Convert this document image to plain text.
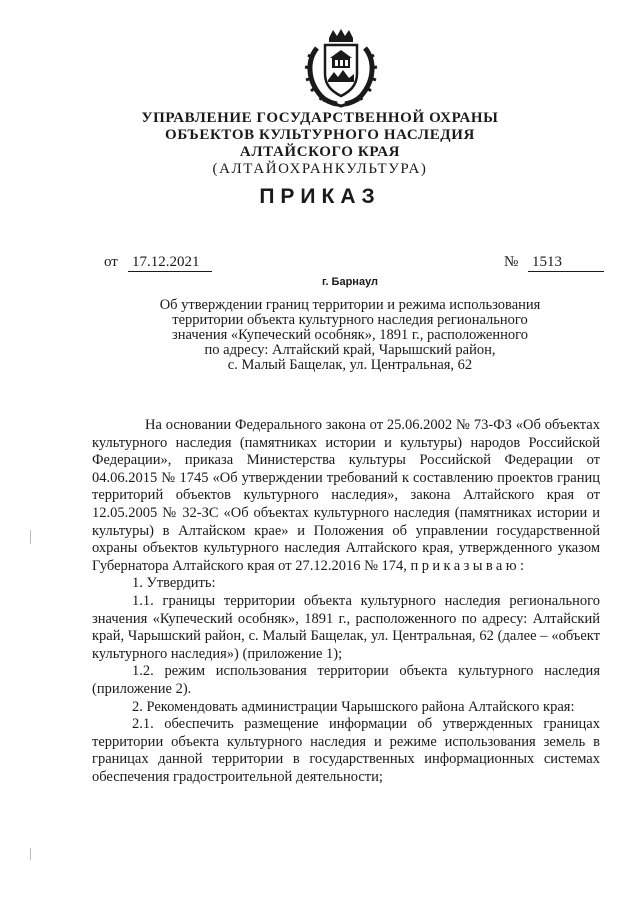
УПРАВЛЕНИЕ ГОСУДАРСТВЕННОЙ ОХРАНЫ
ОБЪЕКТОВ КУЛЬТУРНОГО НАСЛЕДИЯ
АЛТАЙСКОГО КРАЯ
(АЛТАЙОХРАНКУЛЬТУРА)
ПРИКАЗ
от 17.12.2021	№ 1513
г. Барнаул
Об утверждении границ территории и режима использования
территории объекта культурного наследия регионального
значения «Купеческий особняк», 1891 г., расположенного
по адресу: Алтайский край, Чарышский район,
с. Малый Бащелак, ул. Центральная, 62
На основании Федерального закона от 25.06.2002 № 73-ФЗ «Об объектах культурного наследия (памятниках истории и культуры) народов Российской Федерации», приказа Министерства культуры Российской Федерации от 04.06.2015 № 1745 «Об утверждении требований к составлению проектов границ территорий объектов культурного наследия», закона Алтайского края от 12.05.2005 № 32-ЗС «Об объектах культурного наследия (памятниках истории и культуры) в Алтайском крае» и Положения об управлении государственной охраны объектов культурного наследия Алтайского края, утвержденного указом Губернатора Алтайского края от 27.12.2016 № 174, приказываю:
1. Утвердить:
1.1. границы территории объекта культурного наследия регионального значения «Купеческий особняк», 1891 г., расположенного по адресу: Алтайский край, Чарышский район, с. Малый Бащелак, ул. Центральная, 62 (далее – «объект культурного наследия») (приложение 1);
1.2. режим использования территории объекта культурного наследия (приложение 2).
2. Рекомендовать администрации Чарышского района Алтайского края:
2.1. обеспечить размещение информации об утвержденных границах территории объекта культурного наследия и режиме использования земель в границах данной территории в государственных информационных системах обеспечения градостроительной деятельности;
